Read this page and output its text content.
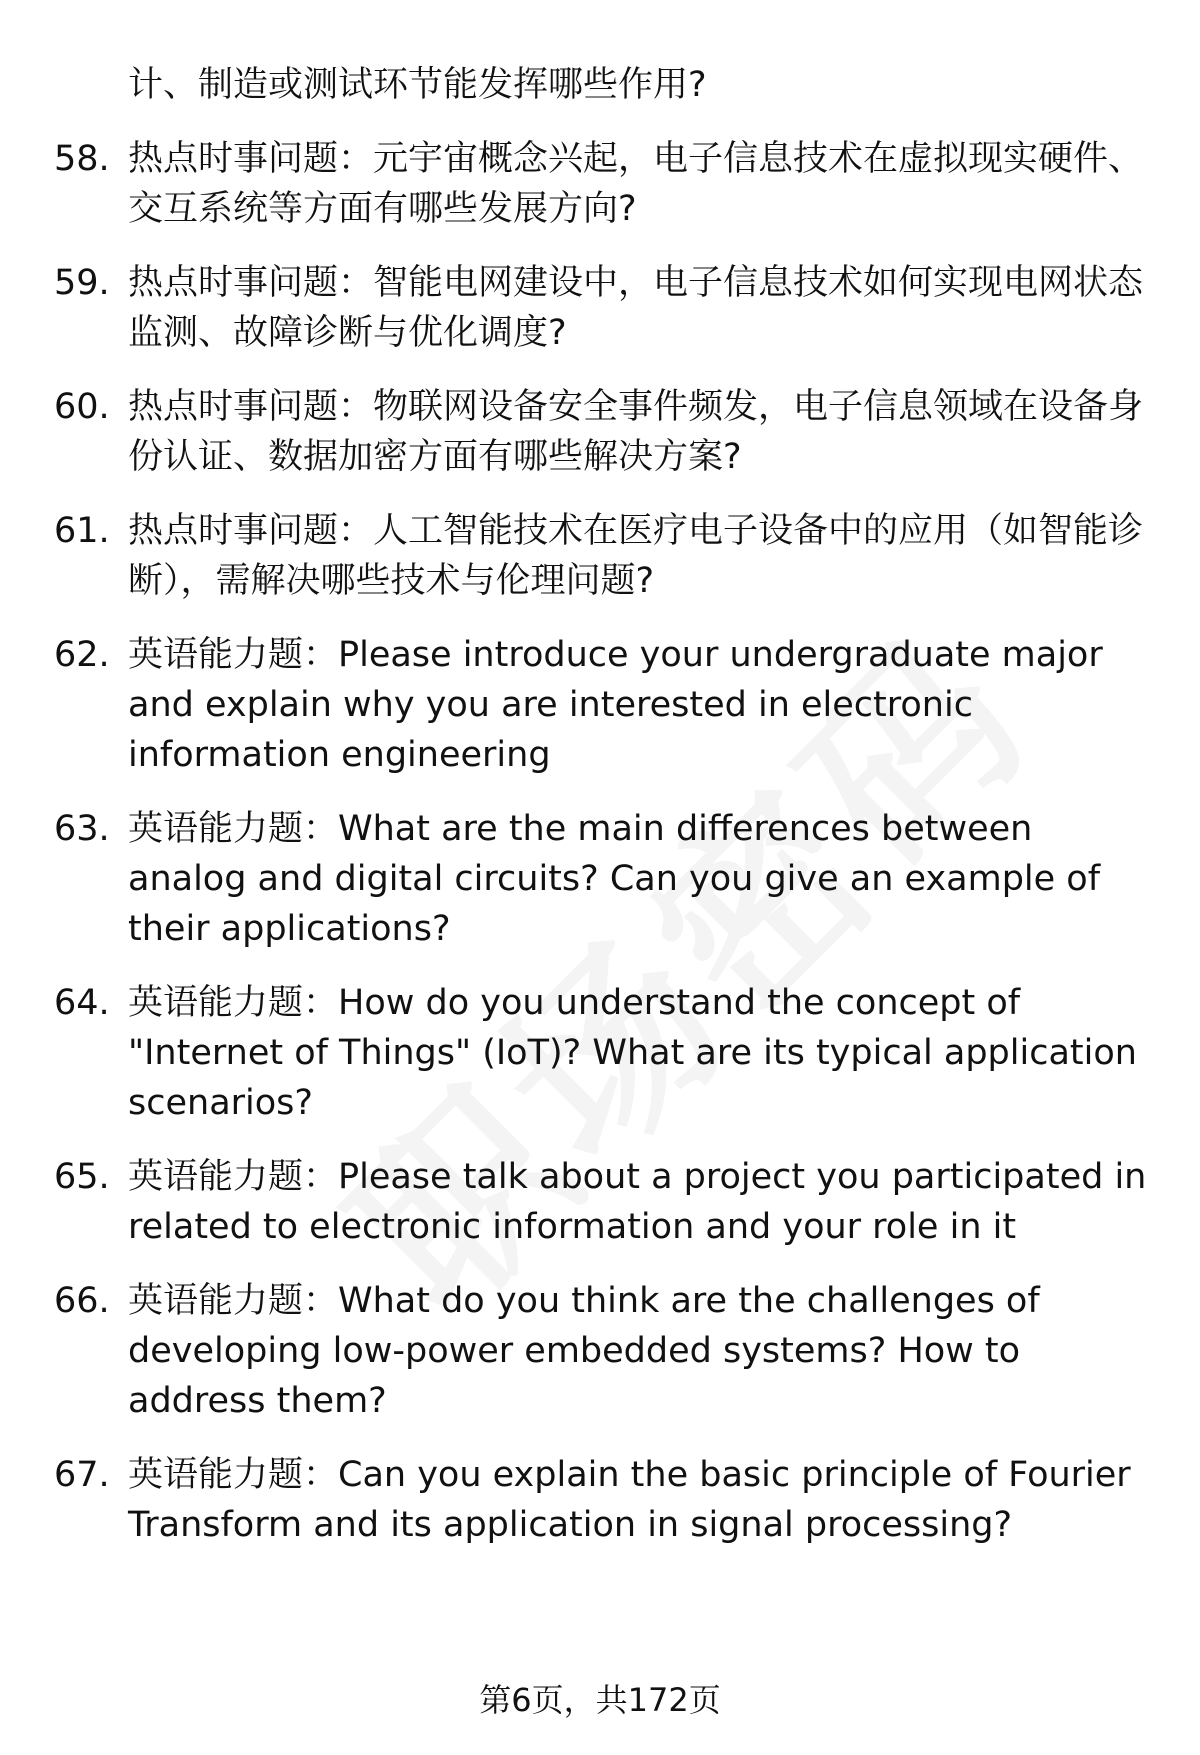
计、制造或测试环节能发挥哪些作用?
58. 热点时事问题：元宇宙概念兴起，电子信息技术在虚拟现实硬件、交互系统等方面有哪些发展方向?
59. 热点时事问题：智能电网建设中，电子信息技术如何实现电网状态监测、故障诊断与优化调度?
60. 热点时事问题：物联网设备安全事件频发，电子信息领域在设备身份认证、数据加密方面有哪些解决方案?
61. 热点时事问题：人工智能技术在医疗电子设备中的应用（如智能诊断），需解决哪些技术与伦理问题?
62. 英语能力题：Please introduce your undergraduate major and explain why you are interested in electronic information engineering
63. 英语能力题：What are the main differences between analog and digital circuits? Can you give an example of their applications?
64. 英语能力题：How do you understand the concept of "Internet of Things" (IoT)? What are its typical application scenarios?
65. 英语能力题：Please talk about a project you participated in related to electronic information and your role in it
66. 英语能力题：What do you think are the challenges of developing low-power embedded systems? How to address them?
67. 英语能力题：Can you explain the basic principle of Fourier Transform and its application in signal processing?
第6页，共172页
